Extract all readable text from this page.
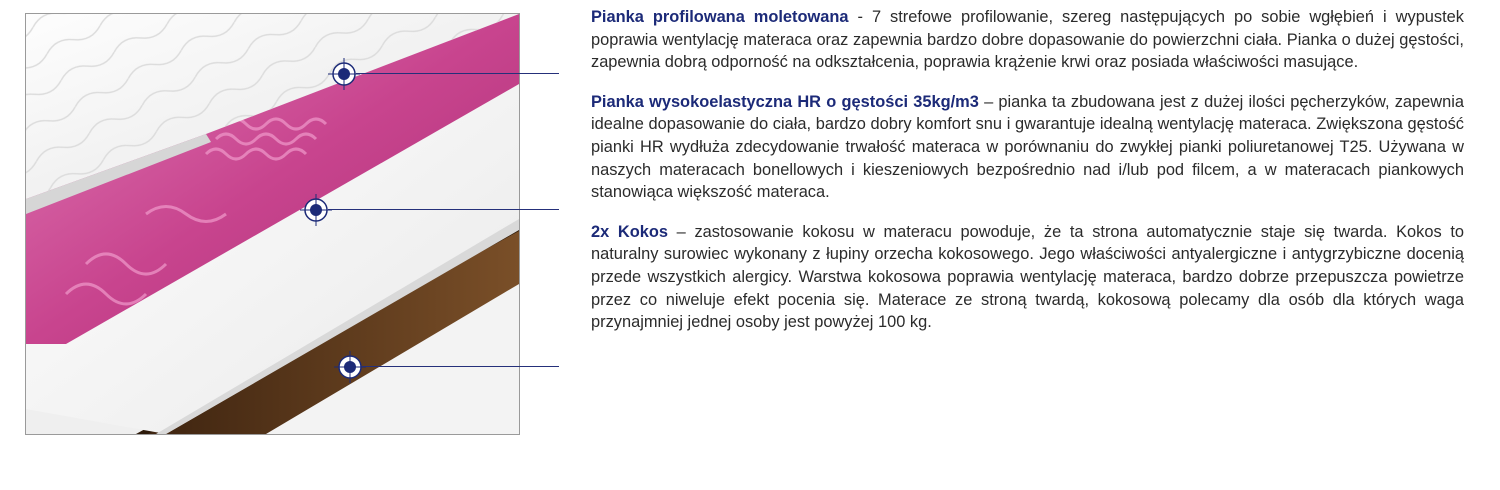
Pianka profilowana moletowana - 7 strefowe profilowanie, szereg następujących po sobie wgłębień i wypustek poprawia wentylację materaca oraz zapewnia bardzo dobre dopasowanie do powierzchni ciała. Pianka o dużej gęstości, zapewnia dobrą odporność na odkształcenia, poprawia krążenie krwi oraz posiada właściwości masujące.

Pianka wysokoelastyczna HR o gęstości 35kg/m3 – pianka ta zbudowana jest z dużej ilości pęcherzyków, zapewnia idealne dopasowanie do ciała, bardzo dobry komfort snu i gwarantuje idealną wentylację materaca. Zwiększona gęstość pianki HR wydłuża zdecydowanie trwałość materaca w porównaniu do zwykłej pianki poliuretanowej T25. Używana w naszych materacach bonellowych i kieszeniowych bezpośrednio nad i/lub pod filcem, a w materacach piankowych stanowiąca większość materaca.

2x Kokos – zastosowanie kokosu w materacu powoduje, że ta strona automatycznie staje się twarda. Kokos to naturalny surowiec wykonany z łupiny orzecha kokosowego. Jego właściwości antyalergiczne i antygrzybiczne docenią przede wszystkich alergicy. Warstwa kokosowa poprawia wentylację materaca, bardzo dobrze przepuszcza powietrze przez co niweluje efekt pocenia się. Materace ze stroną twardą, kokosową polecamy dla osób dla których waga przynajmniej jednej osoby jest powyżej 100 kg.
